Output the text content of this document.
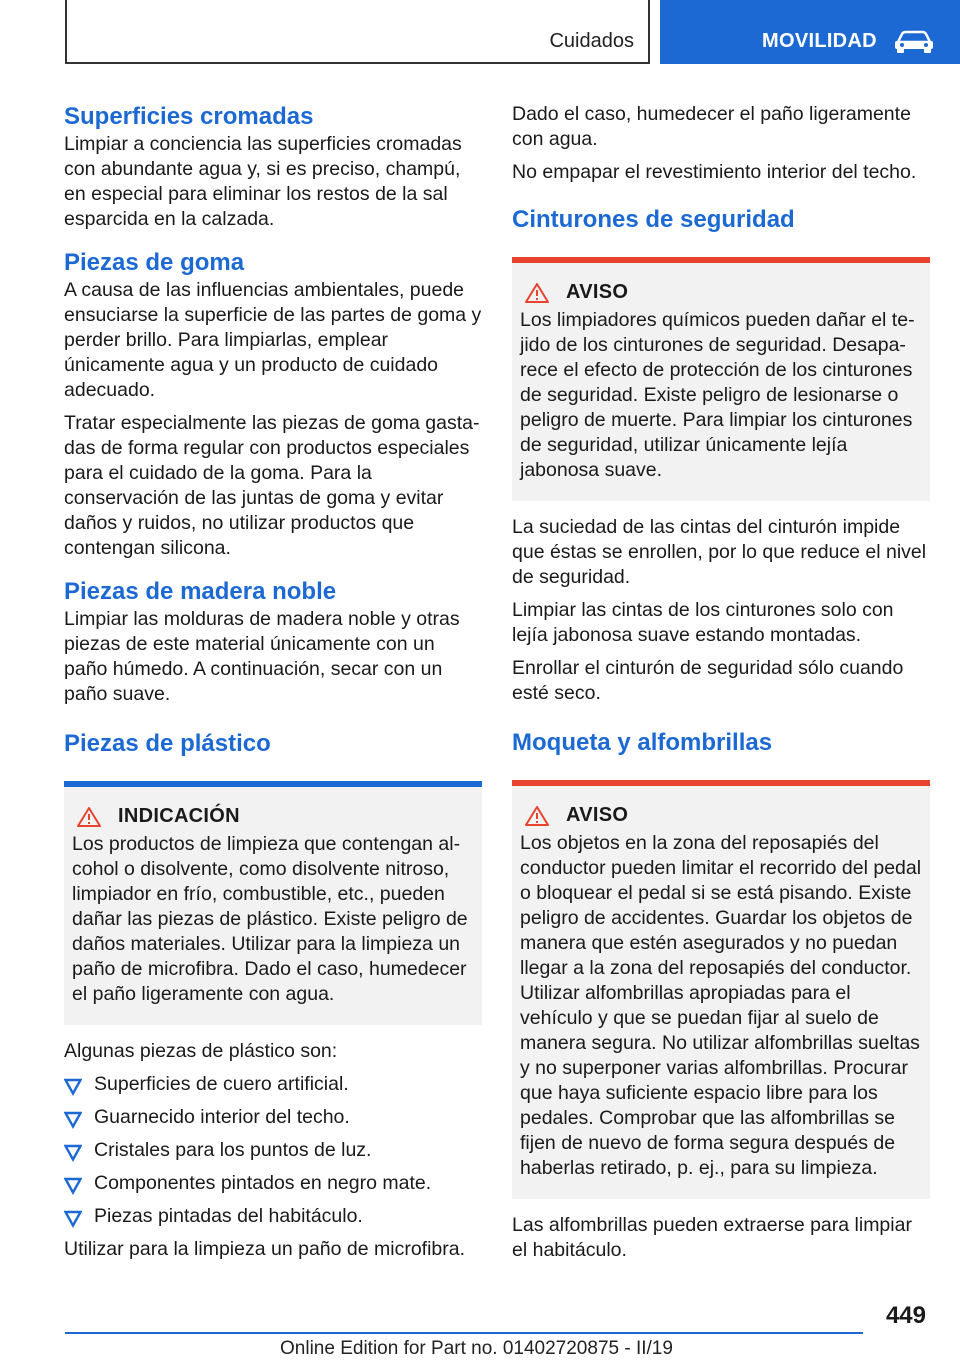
Cuidados	MOVILIDAD
Superficies cromadas

Limpiar a conciencia las superficies cromadas con abundante agua y, si es preciso, champú, en especial para eliminar los restos de la sal esparcida en la calzada.

Piezas de goma

A causa de las influencias ambientales, puede ensuciarse la superficie de las partes de goma y perder brillo. Para limpiarlas, emplear únicamente agua y un producto de cuidado adecuado.

Tratar especialmente las piezas de goma gastadas de forma regular con productos especiales para el cuidado de la goma. Para la conservación de las juntas de goma y evitar daños y ruidos, no utilizar productos que contengan silicona.

Piezas de madera noble

Limpiar las molduras de madera noble y otras piezas de este material únicamente con un paño húmedo. A continuación, secar con un paño suave.

Piezas de plástico
INDICACIÓN

Los productos de limpieza que contengan alcohol o disolvente, como disolvente nitroso, limpiador en frío, combustible, etc., pueden dañar las piezas de plástico. Existe peligro de daños materiales. Utilizar para la limpieza un paño de microfibra. Dado el caso, humedecer el paño ligeramente con agua.

Algunas piezas de plástico son:

Superficies de cuero artificial.
Guarnecido interior del techo.
Cristales para los puntos de luz.
Componentes pintados en negro mate.
Piezas pintadas del habitáculo.

Utilizar para la limpieza un paño de microfibra.

Dado el caso, humedecer el paño ligeramente con agua.

No empapar el revestimiento interior del techo.

Cinturones de seguridad
AVISO

Los limpiadores químicos pueden dañar el tejido de los cinturones de seguridad. Desaparece el efecto de protección de los cinturones de seguridad. Existe peligro de lesionarse o peligro de muerte. Para limpiar los cinturones de seguridad, utilizar únicamente lejía jabonosa suave.

La suciedad de las cintas del cinturón impide que éstas se enrollen, por lo que reduce el nivel de seguridad.

Limpiar las cintas de los cinturones solo con lejía jabonosa suave estando montadas.

Enrollar el cinturón de seguridad sólo cuando esté seco.

Moqueta y alfombrillas
AVISO

Los objetos en la zona del reposapiés del conductor pueden limitar el recorrido del pedal o bloquear el pedal si se está pisando. Existe peligro de accidentes. Guardar los objetos de manera que estén asegurados y no puedan llegar a la zona del reposapiés del conductor. Utilizar alfombrillas apropiadas para el vehículo y que se puedan fijar al suelo de manera segura. No utilizar alfombrillas sueltas y no superponer varias alfombrillas. Procurar que haya suficiente espacio libre para los pedales. Comprobar que las alfombrillas se fijen de nuevo de forma segura después de haberlas retirado, p. ej., para su limpieza.

Las alfombrillas pueden extraerse para limpiar el habitáculo.

449
Online Edition for Part no. 01402720875 - II/19
